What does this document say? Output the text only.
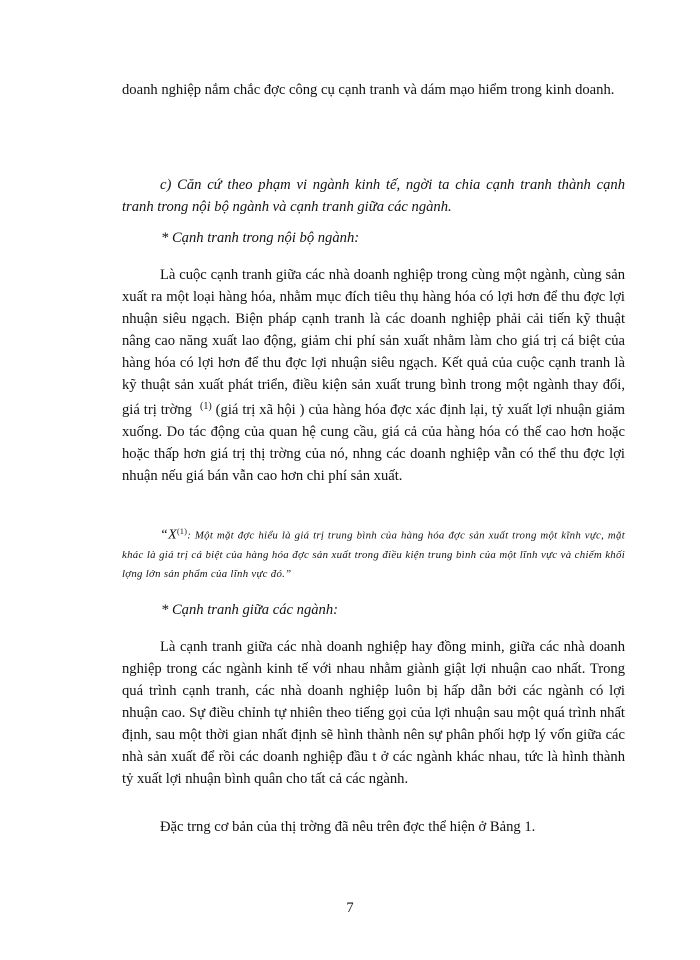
doanh nghiệp nắm chắc đợc công cụ cạnh tranh và dám mạo hiểm trong kinh doanh.

c) Căn cứ theo phạm vi ngành kinh tế, ngời ta chia cạnh tranh thành cạnh tranh trong nội bộ ngành và cạnh tranh giữa các ngành.

* Cạnh tranh trong nội bộ ngành:

Là cuộc cạnh tranh giữa các nhà doanh nghiệp trong cùng một ngành, cùng sản xuất ra một loại hàng hóa, nhằm mục đích tiêu thụ hàng hóa có lợi hơn để thu đợc lợi nhuận siêu ngạch. Biện pháp cạnh tranh là các doanh nghiệp phải cải tiến kỹ thuật nâng cao năng xuất lao động, giảm chi phí sản xuất nhằm làm cho giá trị cá biệt của hàng hóa có lợi hơn để thu đợc lợi nhuận siêu ngạch. Kết quả của cuộc cạnh tranh là kỹ thuật sản xuất phát triển, điều kiện sản xuất trung bình trong một ngành thay đổi, giá trị trờng $^{(1)}$ (giá trị xã hội ) của hàng hóa đợc xác định lại, tỷ xuất lợi nhuận giảm xuống. Do tác động của quan hệ cung cầu, giá cả của hàng hóa có thể cao hơn hoặc hoặc thấp hơn giá trị thị trờng của nó, nhng các doanh nghiệp vẫn có thể thu đợc lợi nhuận nếu giá bán vẫn cao hơn chi phí sản xuất.

“$X^{(1)}$: Một mặt đợc hiểu là giá trị trung bình của hàng hóa đợc sản xuất trong một kĩnh vực, mặt khác là giá trị cá biệt của hàng hóa đợc sản xuất trong điều kiện trung bình của một lĩnh vực và chiếm khối lợng lớn sản phẩm của lĩnh vực đó.”

* Cạnh tranh giữa các ngành:

Là cạnh tranh giữa các nhà doanh nghiệp hay đồng minh, giữa các nhà doanh nghiệp trong các ngành kinh tế với nhau nhằm giành giật lợi nhuận cao nhất. Trong quá trình cạnh tranh, các nhà doanh nghiệp luôn bị hấp dẫn bởi các ngành có lợi nhuận cao. Sự điều chỉnh tự nhiên theo tiếng gọi của lợi nhuận sau một quá trình nhất định, sau một thời gian nhất định sẽ hình thành nên sự phân phối hợp lý vốn giữa các nhà sản xuất để rồi các doanh nghiệp đầu t ở các ngành khác nhau, tức là hình thành tỷ xuất lợi nhuận bình quân cho tất cả các ngành.

Đặc trng cơ bản của thị trờng đã nêu trên đợc thể hiện ở Bảng 1.

7
